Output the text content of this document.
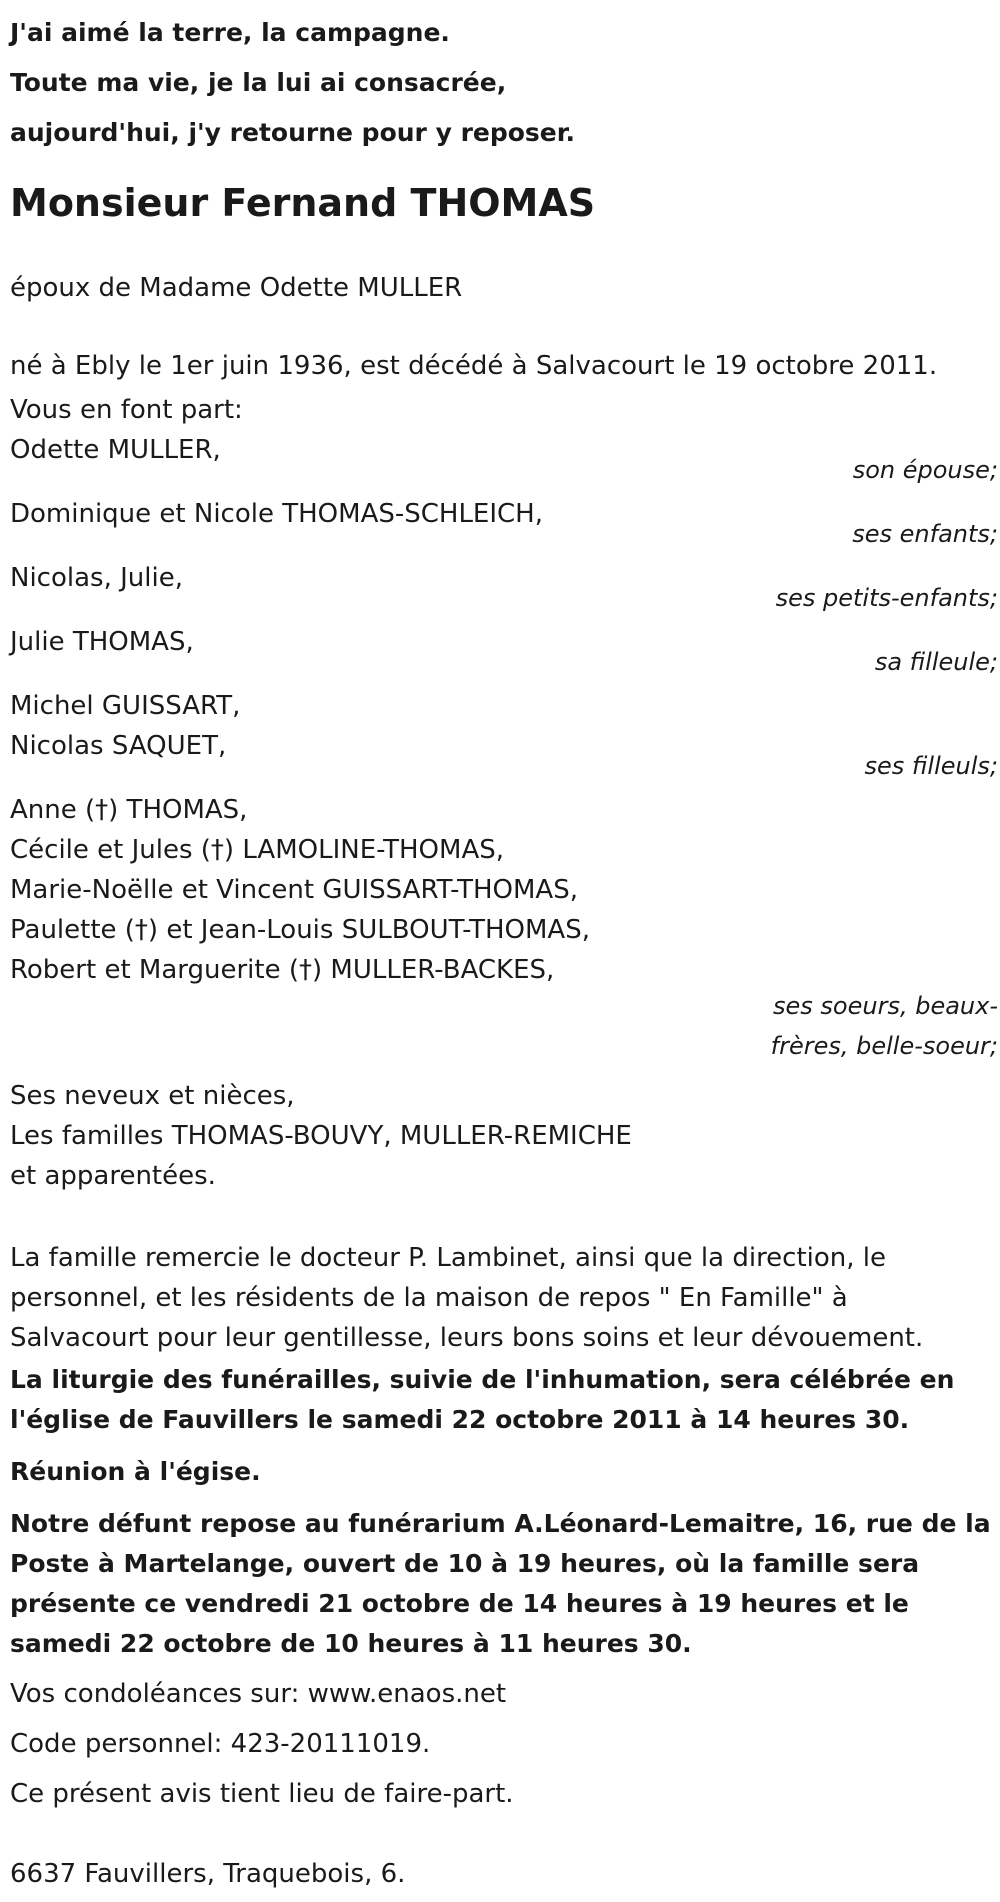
J'ai aimé la terre, la campagne.

Toute ma vie, je la lui ai consacrée,

aujourd'hui, j'y retourne pour y reposer.

Monsieur Fernand THOMAS

époux de Madame Odette MULLER

né à Ebly le 1er juin 1936, est décédé à Salvacourt le 19 octobre 2011.

Vous en font part:

Odette MULLER,
son épouse;
Dominique et Nicole THOMAS-SCHLEICH,
ses enfants;
Nicolas, Julie,
ses petits-enfants;
Julie THOMAS,
sa filleule;
Michel GUISSART,
Nicolas SAQUET,
ses filleuls;
Anne (†) THOMAS,
Cécile et Jules (†) LAMOLINE-THOMAS,
Marie-Noëlle et Vincent GUISSART-THOMAS,
Paulette (†) et Jean-Louis SULBOUT-THOMAS,
Robert et Marguerite (†) MULLER-BACKES,
ses soeurs, beaux-frères, belle-soeur;
Ses neveux et nièces,
Les familles THOMAS-BOUVY, MULLER-REMICHE
et apparentées.

La famille remercie le docteur P. Lambinet, ainsi que la direction, le personnel, et les résidents de la maison de repos " En Famille" à Salvacourt pour leur gentillesse, leurs bons soins et leur dévouement.

La liturgie des funérailles, suivie de l'inhumation, sera célébrée en l'église de Fauvillers le samedi 22 octobre 2011 à 14 heures 30.

Réunion à l'égise.

Notre défunt repose au funérarium A.Léonard-Lemaitre, 16, rue de la Poste à Martelange, ouvert de 10 à 19 heures, où la famille sera présente ce vendredi 21 octobre de 14 heures à 19 heures et le samedi 22 octobre de 10 heures à 11 heures 30.

Vos condoléances sur: www.enaos.net

Code personnel: 423-20111019.

Ce présent avis tient lieu de faire-part.

6637 Fauvillers, Traquebois, 6.
